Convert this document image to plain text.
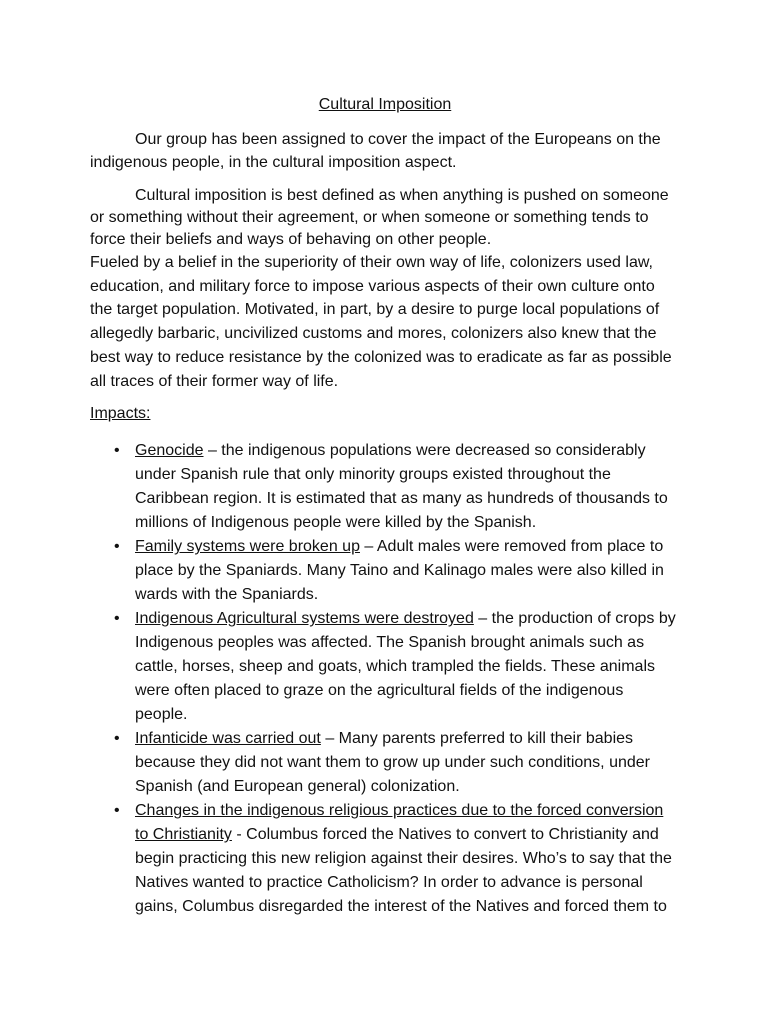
Cultural Imposition

Our group has been assigned to cover the impact of the Europeans on the indigenous people, in the cultural imposition aspect.

Cultural imposition is best defined as when anything is pushed on someone or something without their agreement, or when someone or something tends to force their beliefs and ways of behaving on other people.

Fueled by a belief in the superiority of their own way of life, colonizers used law, education, and military force to impose various aspects of their own culture onto the target population. Motivated, in part, by a desire to purge local populations of allegedly barbaric, uncivilized customs and mores, colonizers also knew that the best way to reduce resistance by the colonized was to eradicate as far as possible all traces of their former way of life.

Impacts:
• Genocide – the indigenous populations were decreased so considerably under Spanish rule that only minority groups existed throughout the Caribbean region. It is estimated that as many as hundreds of thousands to millions of Indigenous people were killed by the Spanish.
• Family systems were broken up – Adult males were removed from place to place by the Spaniards. Many Taino and Kalinago males were also killed in wards with the Spaniards.
• Indigenous Agricultural systems were destroyed – the production of crops by Indigenous peoples was affected. The Spanish brought animals such as cattle, horses, sheep and goats, which trampled the fields. These animals were often placed to graze on the agricultural fields of the indigenous people.
• Infanticide was carried out – Many parents preferred to kill their babies because they did not want them to grow up under such conditions, under Spanish (and European general) colonization.
• Changes in the indigenous religious practices due to the forced conversion to Christianity - Columbus forced the Natives to convert to Christianity and begin practicing this new religion against their desires. Who’s to say that the Natives wanted to practice Catholicism? In order to advance is personal gains, Columbus disregarded the interest of the Natives and forced them to
